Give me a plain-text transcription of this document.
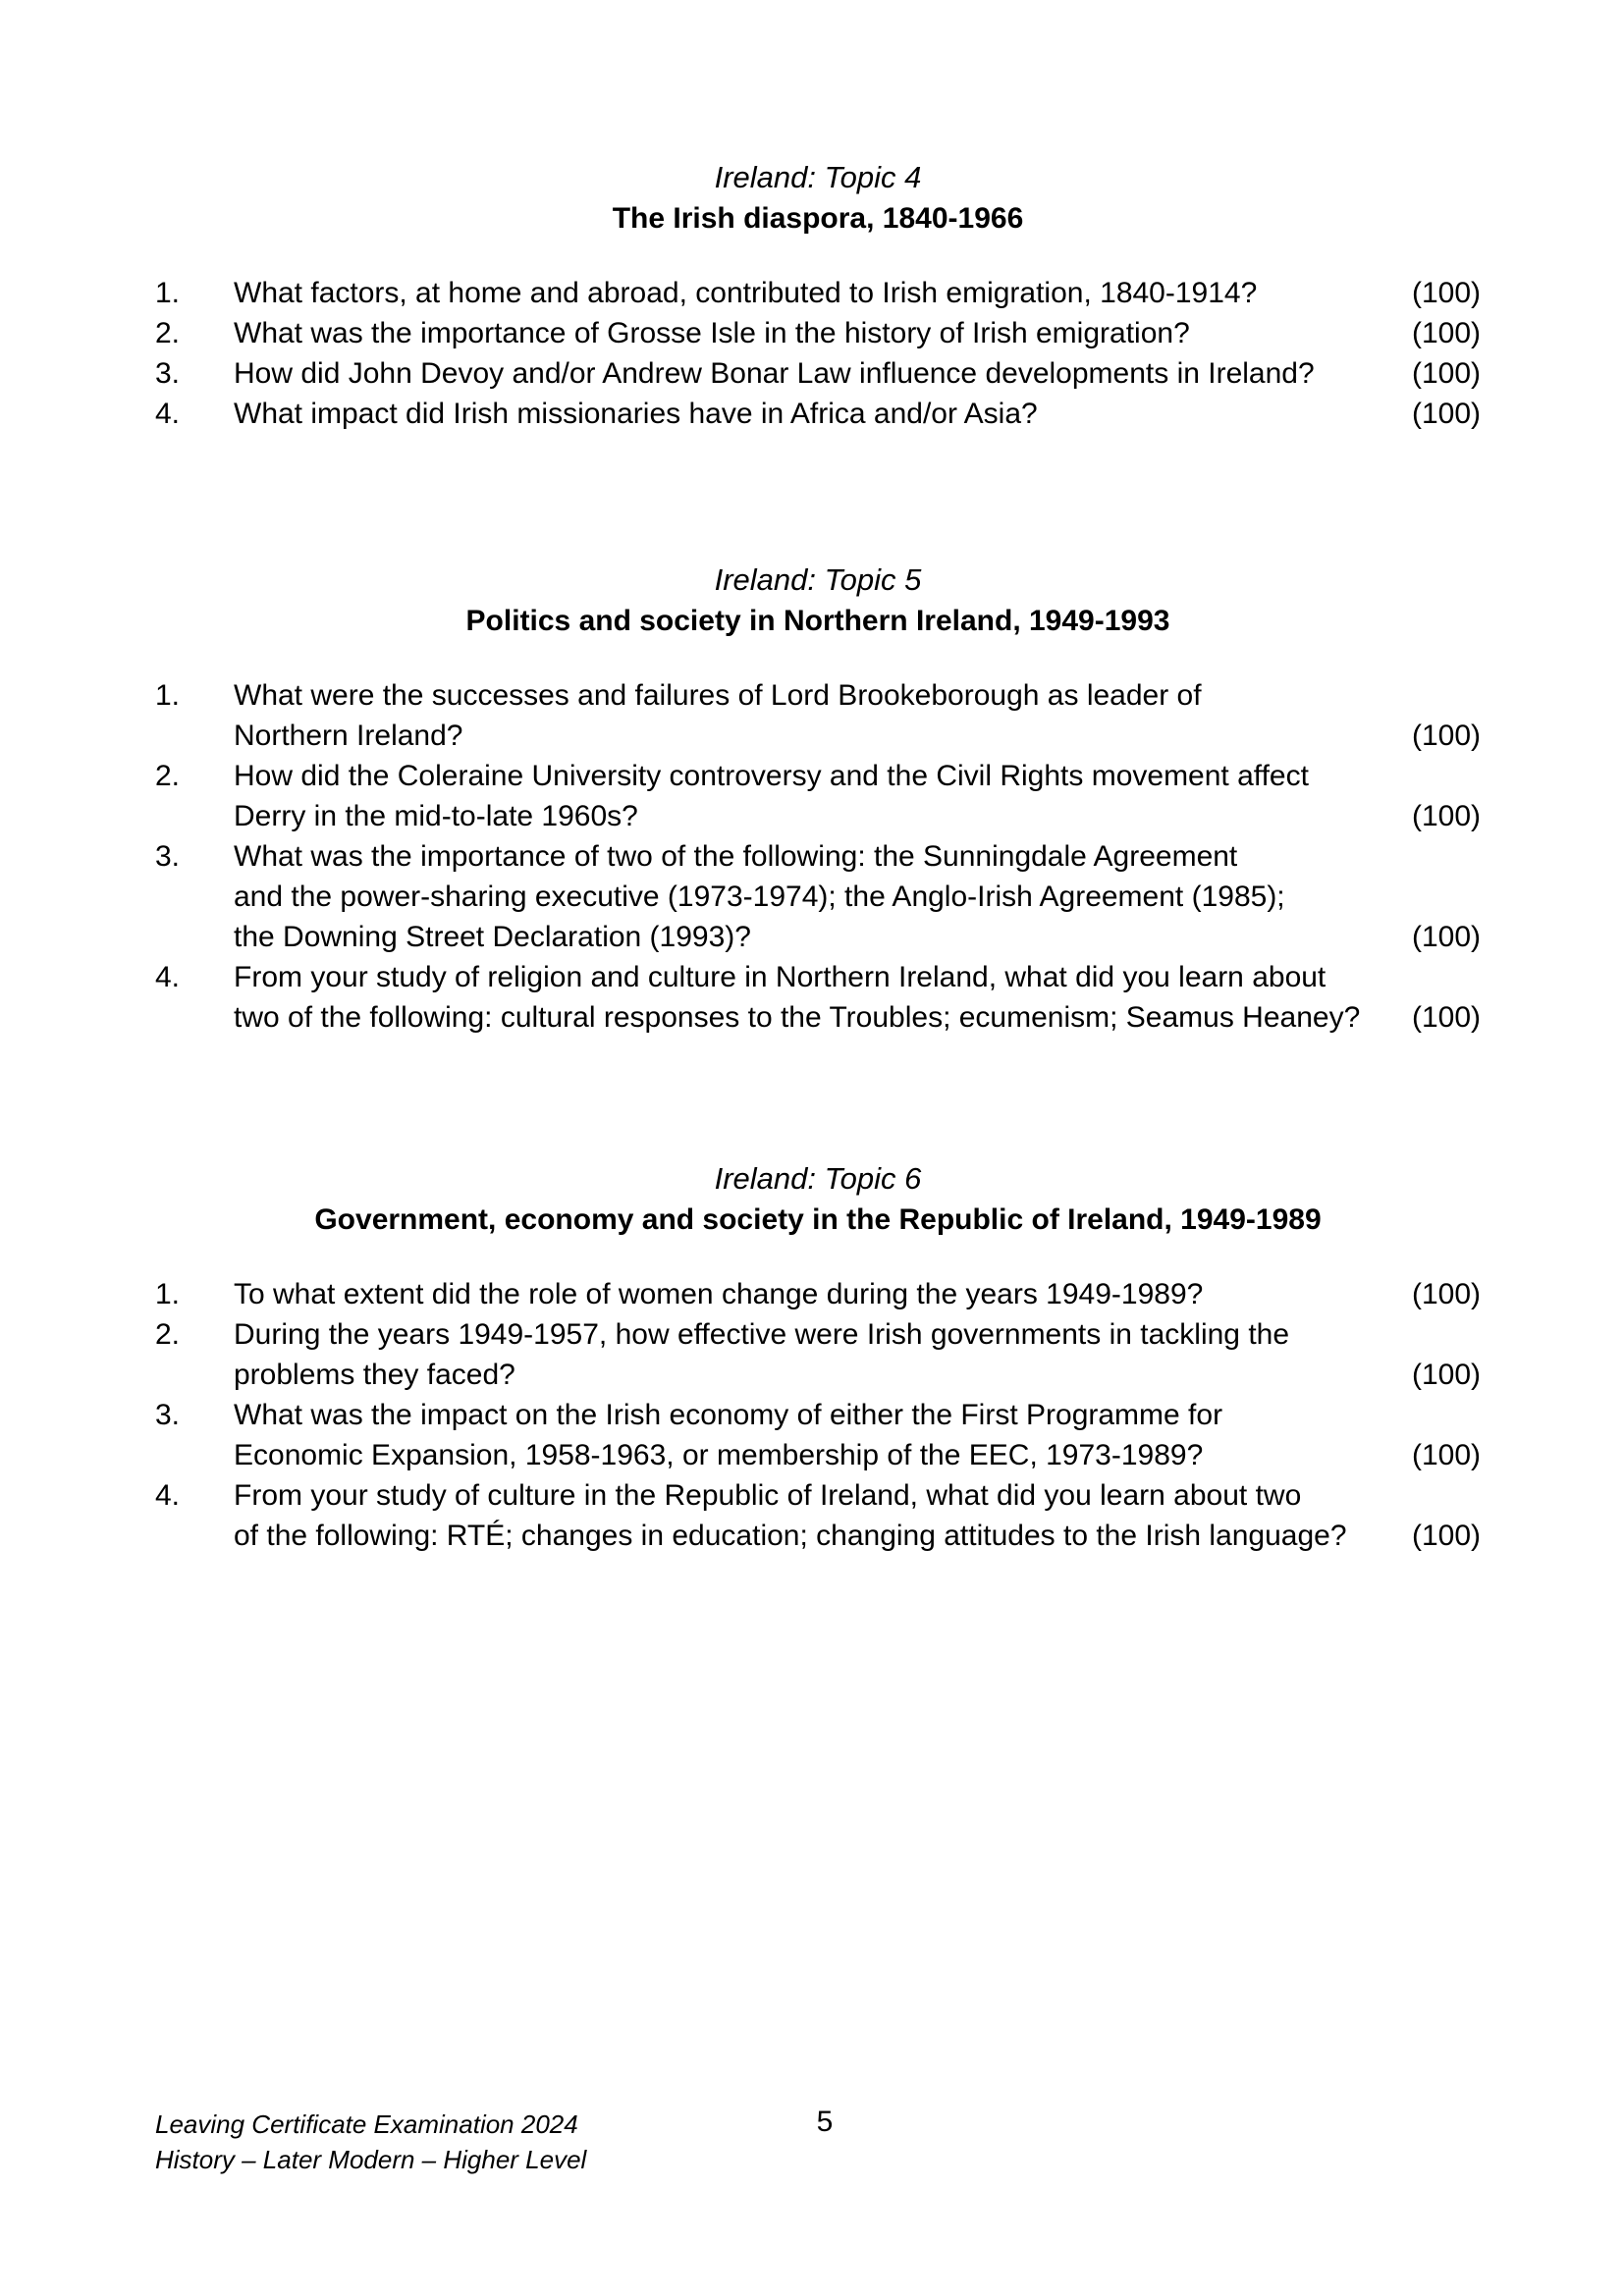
Ireland: Topic 4

The Irish diaspora, 1840-1966

1. What factors, at home and abroad, contributed to Irish emigration, 1840-1914?	(100)
2. What was the importance of Grosse Isle in the history of Irish emigration?	(100)
3. How did John Devoy and/or Andrew Bonar Law influence developments in Ireland?	(100)
4. What impact did Irish missionaries have in Africa and/or Asia?	(100)

Ireland: Topic 5

Politics and society in Northern Ireland, 1949-1993

1. What were the successes and failures of Lord Brookeborough as leader of
Northern Ireland?	(100)
2. How did the Coleraine University controversy and the Civil Rights movement affect
Derry in the mid-to-late 1960s?	(100)
3. What was the importance of two of the following: the Sunningdale Agreement
and the power-sharing executive (1973-1974); the Anglo-Irish Agreement (1985);
the Downing Street Declaration (1993)?	(100)
4. From your study of religion and culture in Northern Ireland, what did you learn about
two of the following: cultural responses to the Troubles; ecumenism; Seamus Heaney?	(100)

Ireland: Topic 6

Government, economy and society in the Republic of Ireland, 1949-1989

1. To what extent did the role of women change during the years 1949-1989?	(100)
2. During the years 1949-1957, how effective were Irish governments in tackling the
problems they faced?	(100)
3. What was the impact on the Irish economy of either the First Programme for
Economic Expansion, 1958-1963, or membership of the EEC, 1973-1989?	(100)
4. From your study of culture in the Republic of Ireland, what did you learn about two
of the following: RTÉ; changes in education; changing attitudes to the Irish language?	(100)
Leaving Certificate Examination 2024
History – Later Modern – Higher Level
5
